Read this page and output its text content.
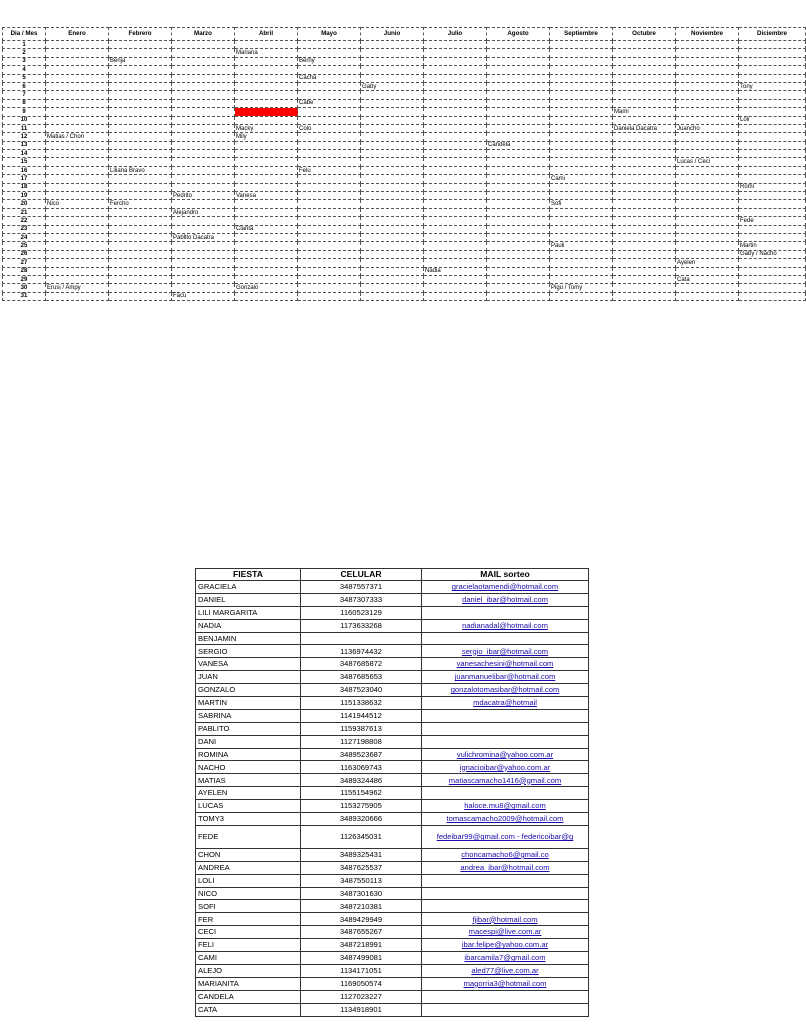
Dia / Mes	Enero	Febrero	Marzo	Abril	Mayo	Junio	Julio	Agosto	Septiembre	Octubre	Noviembre	Diciembre
1												
2				Mariana								
3		Benja			Berny							
4												
5					Cacha							
6						Gaby						Tony
7												
8					Cabe							
9										Mami		
10												Loli
11				Macky	Colo					Daniela Dacatra	Juancho	
12	Matias / Chon			Mily								
13								Candela				
14												
15											Lucas / Ceci	
16		Liliana Bravo			Felu							
17									Cami			
18												Romi
19			Pedrito	Vanesa								
20	Nico	Fercho							Sofi			
21			Alejandro									
22												Fede
23				Clarita								
24			Pabllto Dacatra									
25									Pauli			Martin
26												Gaby / Nacho
27											Ayelen	
28							Nadia					
29											Cata	
30	Erusi / Ampy			Gonzalo					Pigu / Tomy			
31			Facu									
FIESTA	CELULAR	MAIL sorteo
GRACIELA	3487557371	gracielaotamendi@hotmail.com
DANIEL	3487307333	daniel_ibar@hotmail.com
LILI MARGARITA	1160523129	
NADIA	1173633268	nadianadal@hotmail.com
BENJAMIN		
SERGIO	1136974432	sergio_ibar@hotmail.com
VANESA	3487685872	vanesachesini@hotmail.com
JUAN	3487685653	juanmanuelibar@hotmail.com
GONZALO	3487523040	gonzalotomasibar@hotmail.com
MARTIN	1151338632	mdacatra@hotmail
SABRINA	1141944512	
PABLITO	1159387613	
DANI	1127198808	
ROMINA	3489523687	vulichromina@yahoo.com.ar
NACHO	1163069743	ignacioibar@yahoo.com.ar
MATIAS	3489324486	matiascamacho1416@gmail.com
AYELEN	1155154962	
LUCAS	1153275905	haloce.mu8@gmail.com
TOMY3	3489320666	tomascamacho2009@hotmail.com
FEDE	1126345031	fedeibar99@gmail.com - federicoibar@g
CHON	3489325431	choncamacho6@gmail.co
ANDREA	3487625537	andrea_ibar@hotmail.com
LOLI	3487550113	
NICO	3487301630	
SOFI	3487210381	
FER	3489429949	fjibar@hotmail.com
CECI	3487655267	macespi@live.com.ar
FELI	3487218991	ibar.felipe@yahoo.com.ar
CAMI	3487499081	ibarcamila7@gmail.com
ALEJO	1134171051	aled77@live.com.ar
MARIANITA	1169050574	magorria3@hotmail.com
CANDELA	1127023227	
CATA	1134918901	
